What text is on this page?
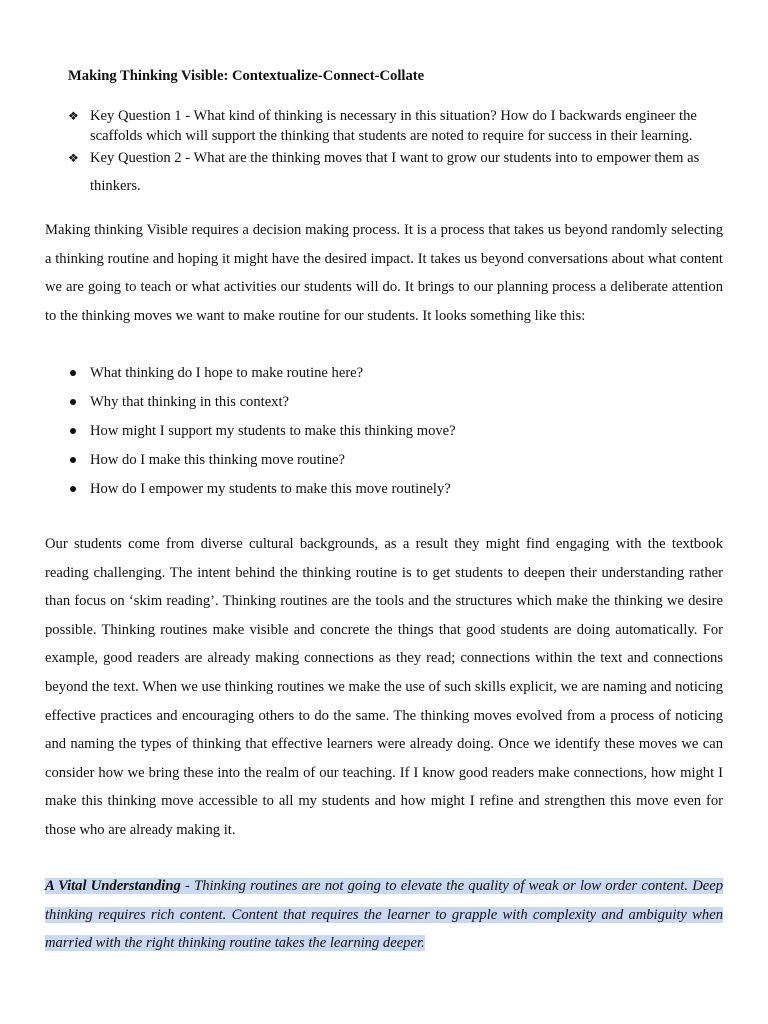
Making Thinking Visible: Contextualize-Connect-Collate
❖ Key Question 1 - What kind of thinking is necessary in this situation? How do I backwards engineer the scaffolds which will support the thinking that students are noted to require for success in their learning.
❖ Key Question 2 - What are the thinking moves that I want to grow our students into to empower them as thinkers.

Making thinking Visible requires a decision making process. It is a process that takes us beyond randomly selecting a thinking routine and hoping it might have the desired impact. It takes us beyond conversations about what content we are going to teach or what activities our students will do. It brings to our planning process a deliberate attention to the thinking moves we want to make routine for our students. It looks something like this:

What thinking do I hope to make routine here?
Why that thinking in this context?
How might I support my students to make this thinking move?
How do I make this thinking move routine?
How do I empower my students to make this move routinely?

Our students come from diverse cultural backgrounds, as a result they might find engaging with the textbook reading challenging. The intent behind the thinking routine is to get students to deepen their understanding rather than focus on ‘skim reading’. Thinking routines are the tools and the structures which make the thinking we desire possible. Thinking routines make visible and concrete the things that good students are doing automatically. For example, good readers are already making connections as they read; connections within the text and connections beyond the text. When we use thinking routines we make the use of such skills explicit, we are naming and noticing effective practices and encouraging others to do the same. The thinking moves evolved from a process of noticing and naming the types of thinking that effective learners were already doing. Once we identify these moves we can consider how we bring these into the realm of our teaching. If I know good readers make connections, how might I make this thinking move accessible to all my students and how might I refine and strengthen this move even for those who are already making it.

A Vital Understanding - Thinking routines are not going to elevate the quality of weak or low order content. Deep thinking requires rich content. Content that requires the learner to grapple with complexity and ambiguity when married with the right thinking routine takes the learning deeper.
